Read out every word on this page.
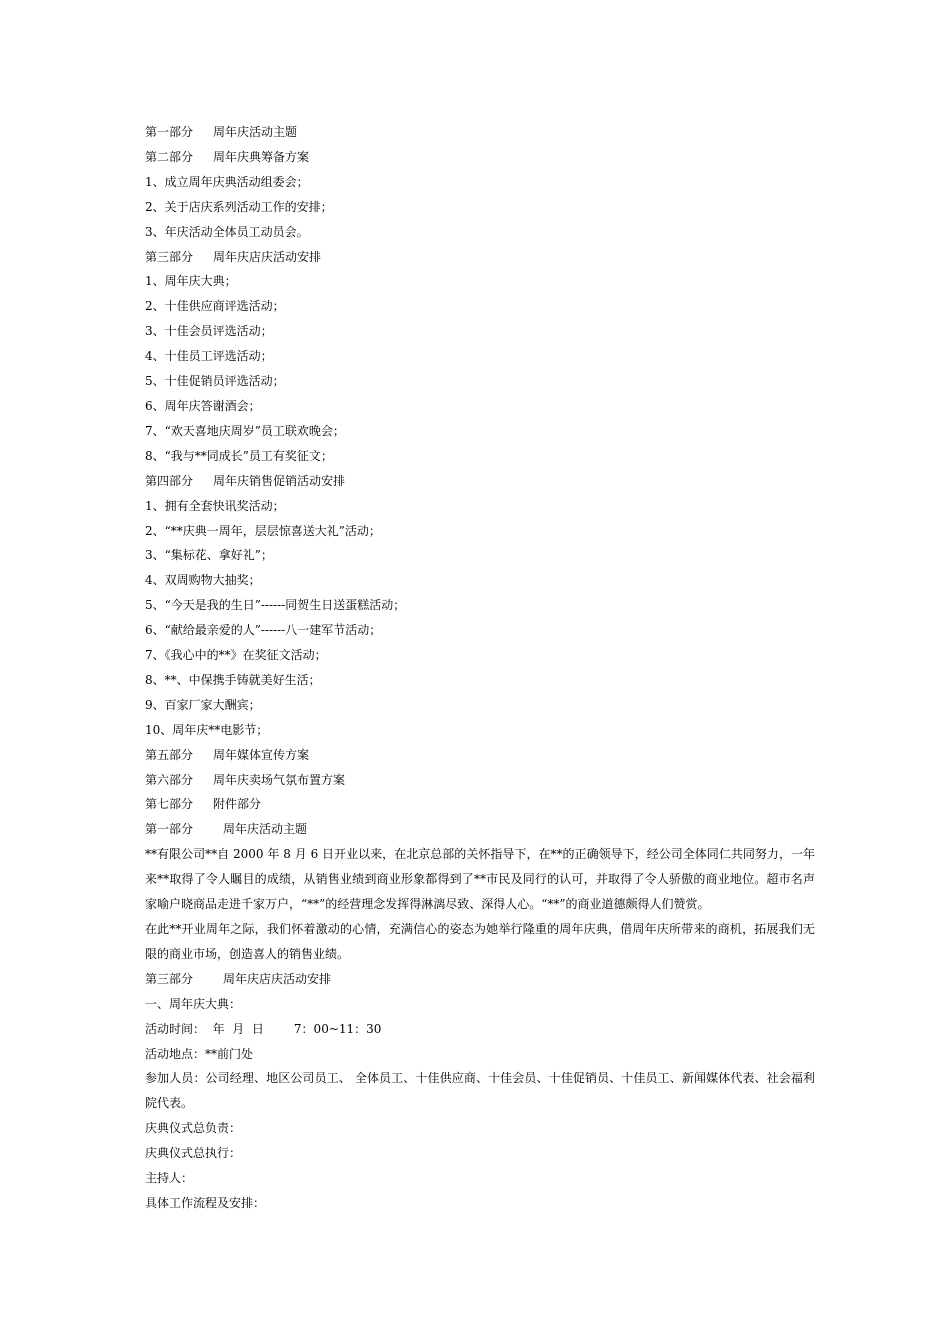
第一部分 周年庆活动主题

第二部分 周年庆典筹备方案

1、成立周年庆典活动组委会；

2、关于店庆系列活动工作的安排；

3、年庆活动全体员工动员会。

第三部分 周年庆店庆活动安排

1、周年庆大典；

2、十佳供应商评选活动；

3、十佳会员评选活动；

4、十佳员工评选活动；

5、十佳促销员评选活动；

6、周年庆答谢酒会；

7、“欢天喜地庆周岁”员工联欢晚会；

8、“我与**同成长”员工有奖征文；

第四部分 周年庆销售促销活动安排

1、拥有全套快讯奖活动；

2、“**庆典一周年，层层惊喜送大礼”活动；

3、“集标花、拿好礼”；

4、双周购物大抽奖；

5、“今天是我的生日”------同贺生日送蛋糕活动；

6、“献给最亲爱的人”------八一建军节活动；

7、《我心中的**》在奖征文活动；

8、**、中保携手铸就美好生活；

9、百家厂家大酬宾；

10、周年庆**电影节；

第五部分 周年媒体宣传方案

第六部分 周年庆卖场气氛布置方案

第七部分 附件部分

第一部分	周年庆活动主题

**有限公司**自 2000 年 8 月 6 日开业以来，在北京总部的关怀指导下，在**的正确领导下，经公司全体同仁共同努力，一年来**取得了令人瞩目的成绩，从销售业绩到商业形象都得到了**市民及同行的认可，并取得了令人骄傲的商业地位。超市名声家喻户晓商品走进千家万户，“**”的经营理念发挥得淋漓尽致、深得人心。“**”的商业道德颇得人们赞赏。

在此**开业周年之际，我们怀着激动的心情，充满信心的姿态为她举行隆重的周年庆典，借周年庆所带来的商机，拓展我们无限的商业市场，创造喜人的销售业绩。

第三部分	周年庆店庆活动安排

一、周年庆大典：

活动时间： 年  月  日	7：00~11：30

活动地点：**前门处

参加人员：公司经理、地区公司员工、 全体员工、十佳供应商、十佳会员、十佳促销员、十佳员工、新闻媒体代表、社会福利院代表。

庆典仪式总负责：

庆典仪式总执行：

主持人：

具体工作流程及安排：
